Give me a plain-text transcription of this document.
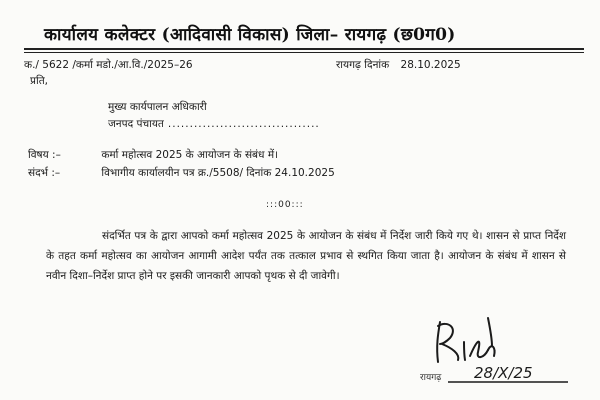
कार्यालय कलेक्टर (आदिवासी विकास) जिला– रायगढ़ (छ0ग0)
क./ 5622 /कर्मा मडो./आ.वि./2025–26	रायगढ़ दिनांक 28.10.2025
प्रति,
मुख्य कार्यपालन अधिकारी
जनपद पंचायत ...................................
विषय :–	कर्मा महोत्सव 2025 के आयोजन के संबंध में।
संदर्भ :–	विभागीय कार्यालयीन पत्र क्र./5508/ दिनांक 24.10.2025
:::00:::
संदर्भित पत्र के द्वारा आपको कर्मा महोत्सव 2025 के आयोजन के संबंध में निर्देश जारी किये गए थे। शासन से प्राप्त निर्देश के तहत कर्मा महोत्सव का आयोजन आगामी आदेश पर्यंत तक तत्काल प्रभाव से स्थगित किया जाता है। आयोजन के संबंध में शासन से नवीन दिशा–निर्देश प्राप्त होने पर इसकी जानकारी आपको पृथक से दी जावेगी।
28/X/25
रायगढ़
